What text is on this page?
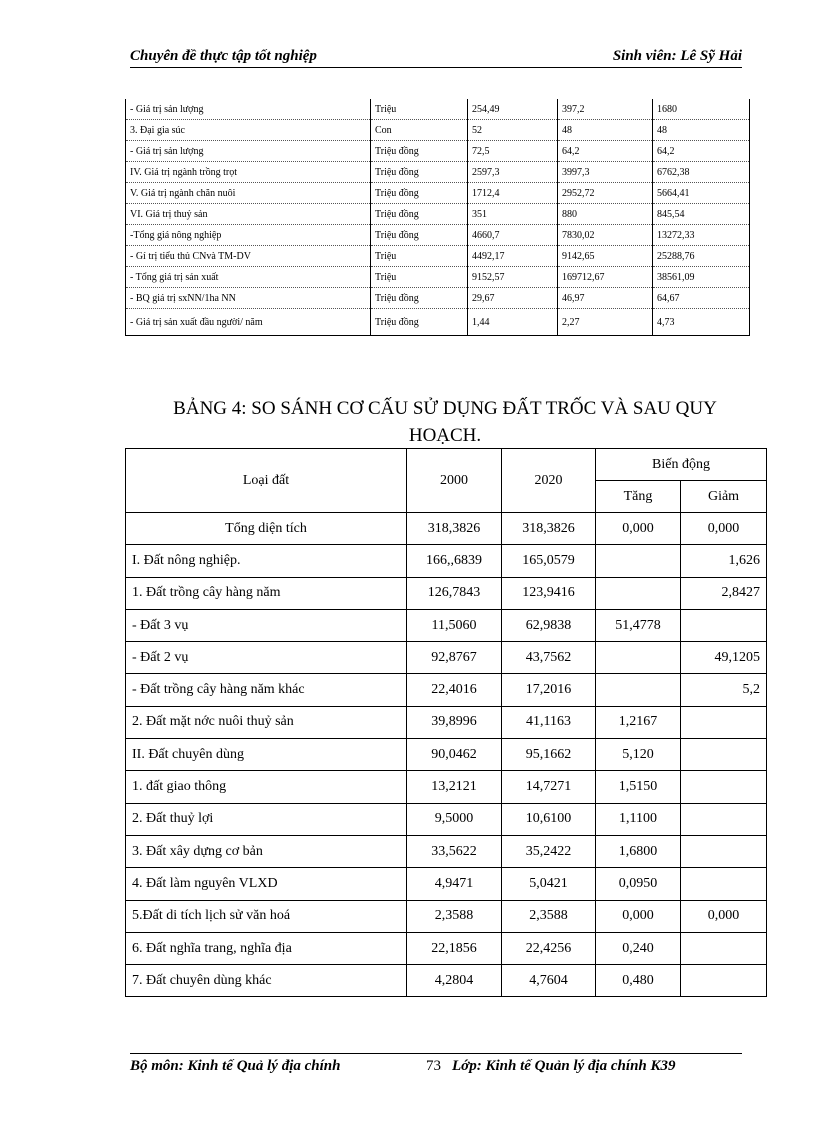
Chuyên đề thực tập tốt nghiệp	Sinh viên: Lê Sỹ Hải
- Giá trị sản lượng	Triệu	254,49	397,2	1680
3. Đại gia súc	Con	52	48	48
- Giá trị sản lượng	Triệu đồng	72,5	64,2	64,2
IV. Giá trị ngành trồng trọt	Triệu đồng	2597,3	3997,3	6762,38
V. Giá trị ngành chăn nuôi	Triệu đồng	1712,4	2952,72	5664,41
VI. Giá trị thuỷ sản	Triệu đồng	351	880	845,54
-Tổng giá nông nghiệp	Triệu đồng	4660,7	7830,02	13272,33
- Gí trị tiểu thủ CNvà TM-DV	Triệu	4492,17	9142,65	25288,76
- Tổng giá trị sản xuất	Triệu	9152,57	169712,67	38561,09
- BQ giá trị sxNN/1ha NN	Triệu đồng	29,67	46,97	64,67
- Giá trị sản xuất đầu người/ năm	Triệu đồng	1,44	2,27	4,73
BẢNG 4: SO SÁNH CƠ CẤU SỬ DỤNG ĐẤT TRỐC VÀ SAU QUY
HOẠCH.
Loại đất	2000	2020	Biến động	
			Tăng	Giảm
Tổng diện tích	318,3826	318,3826	0,000	0,000
I. Đất nông nghiệp.	166,,6839	165,0579		1,626
1. Đất trồng cây hàng năm	126,7843	123,9416		2,8427
- Đất 3 vụ	11,5060	62,9838	51,4778	
- Đất 2 vụ	92,8767	43,7562		49,1205
- Đất trồng cây hàng năm khác	22,4016	17,2016		5,2
2. Đất mặt nớc nuôi thuỷ sản	39,8996	41,1163	1,2167	
II. Đất chuyên dùng	90,0462	95,1662	5,120	
1. đất giao thông	13,2121	14,7271	1,5150	
2. Đất thuỷ lợi	9,5000	10,6100	1,1100	
3. Đất xây dựng cơ bản	33,5622	35,2422	1,6800	
4. Đất làm nguyên VLXD	4,9471	5,0421	0,0950	
5.Đất di tích lịch sử văn hoá	2,3588	2,3588	0,000	0,000
6. Đất nghĩa trang, nghĩa địa	22,1856	22,4256	0,240	
7. Đất chuyên dùng khác	4,2804	4,7604	0,480	
Bộ môn: Kinh tế Quả lý địa chính	73 Lớp: Kinh tế Quản lý địa chính K39
